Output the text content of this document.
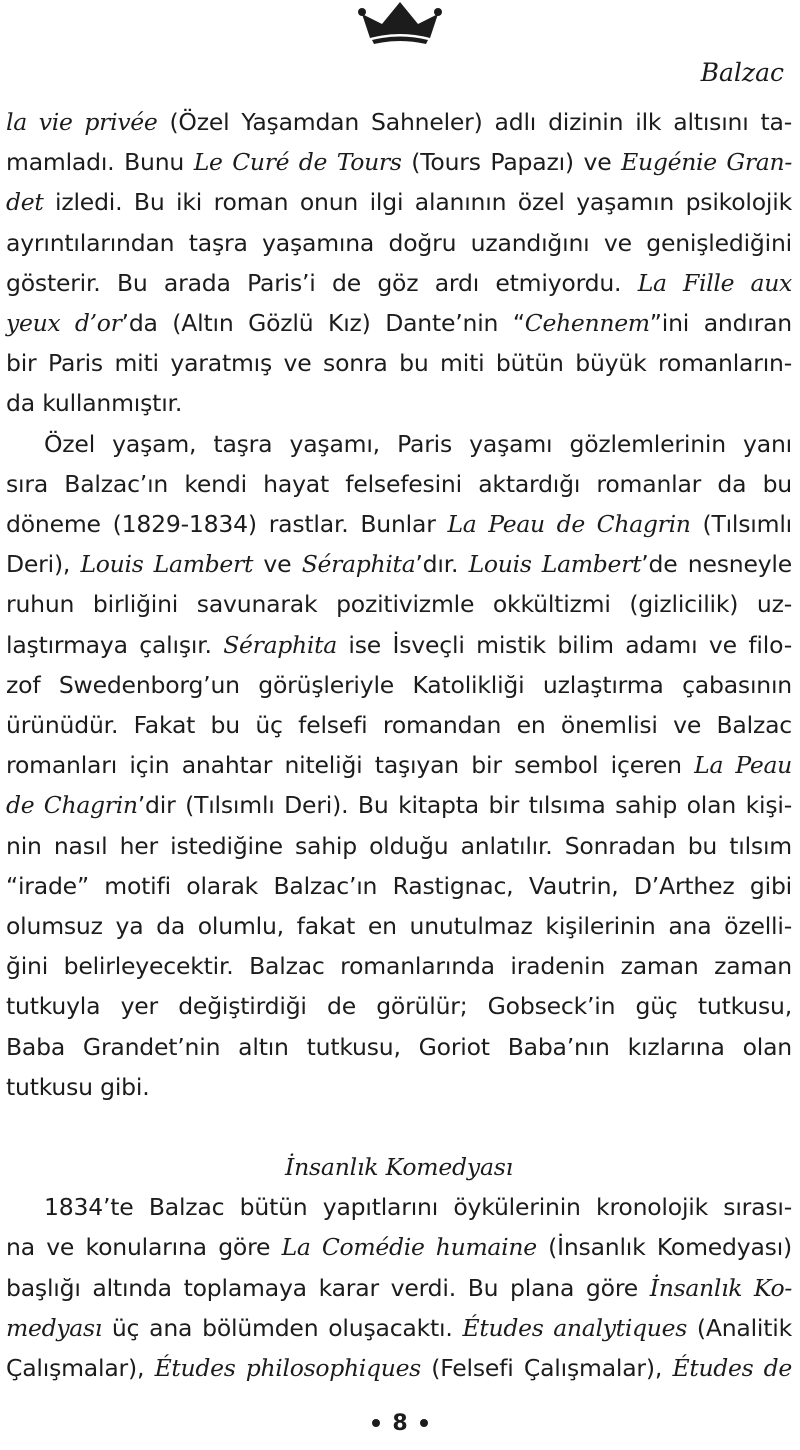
Balzac
la vie privée (Özel Yaşamdan Sahneler) adlı dizinin ilk altısını ta-
mamladı. Bunu Le Curé de Tours (Tours Papazı) ve Eugénie Gran-
det izledi. Bu iki roman onun ilgi alanının özel yaşamın psikolojik
ayrıntılarından taşra yaşamına doğru uzandığını ve genişlediğini
gösterir. Bu arada Paris’i de göz ardı etmiyordu. La Fille aux
yeux d’or’da (Altın Gözlü Kız) Dante’nin “Cehennem”ini andıran
bir Paris miti yaratmış ve sonra bu miti bütün büyük romanların-
da kullanmıştır.
Özel yaşam, taşra yaşamı, Paris yaşamı gözlemlerinin yanı
sıra Balzac’ın kendi hayat felsefesini aktardığı romanlar da bu
döneme (1829-1834) rastlar. Bunlar La Peau de Chagrin (Tılsımlı
Deri), Louis Lambert ve Séraphita’dır. Louis Lambert’de nesneyle
ruhun birliğini savunarak pozitivizmle okkültizmi (gizlicilik) uz-
laştırmaya çalışır. Séraphita ise İsveçli mistik bilim adamı ve filo-
zof Swedenborg’un görüşleriyle Katolikliği uzlaştırma çabasının
ürünüdür. Fakat bu üç felsefi romandan en önemlisi ve Balzac
romanları için anahtar niteliği taşıyan bir sembol içeren La Peau
de Chagrin’dir (Tılsımlı Deri). Bu kitapta bir tılsıma sahip olan kişi-
nin nasıl her istediğine sahip olduğu anlatılır. Sonradan bu tılsım
“irade” motifi olarak Balzac’ın Rastignac, Vautrin, D’Arthez gibi
olumsuz ya da olumlu, fakat en unutulmaz kişilerinin ana özelli-
ğini belirleyecektir. Balzac romanlarında iradenin zaman zaman
tutkuyla yer değiştirdiği de görülür; Gobseck’in güç tutkusu,
Baba Grandet’nin altın tutkusu, Goriot Baba’nın kızlarına olan
tutkusu gibi.
İnsanlık Komedyası
1834’te Balzac bütün yapıtlarını öykülerinin kronolojik sırası-
na ve konularına göre La Comédie humaine (İnsanlık Komedyası)
başlığı altında toplamaya karar verdi. Bu plana göre İnsanlık Ko-
medyası üç ana bölümden oluşacaktı. Études analytiques (Analitik
Çalışmalar), Études philosophiques (Felsefi Çalışmalar), Études de
8
